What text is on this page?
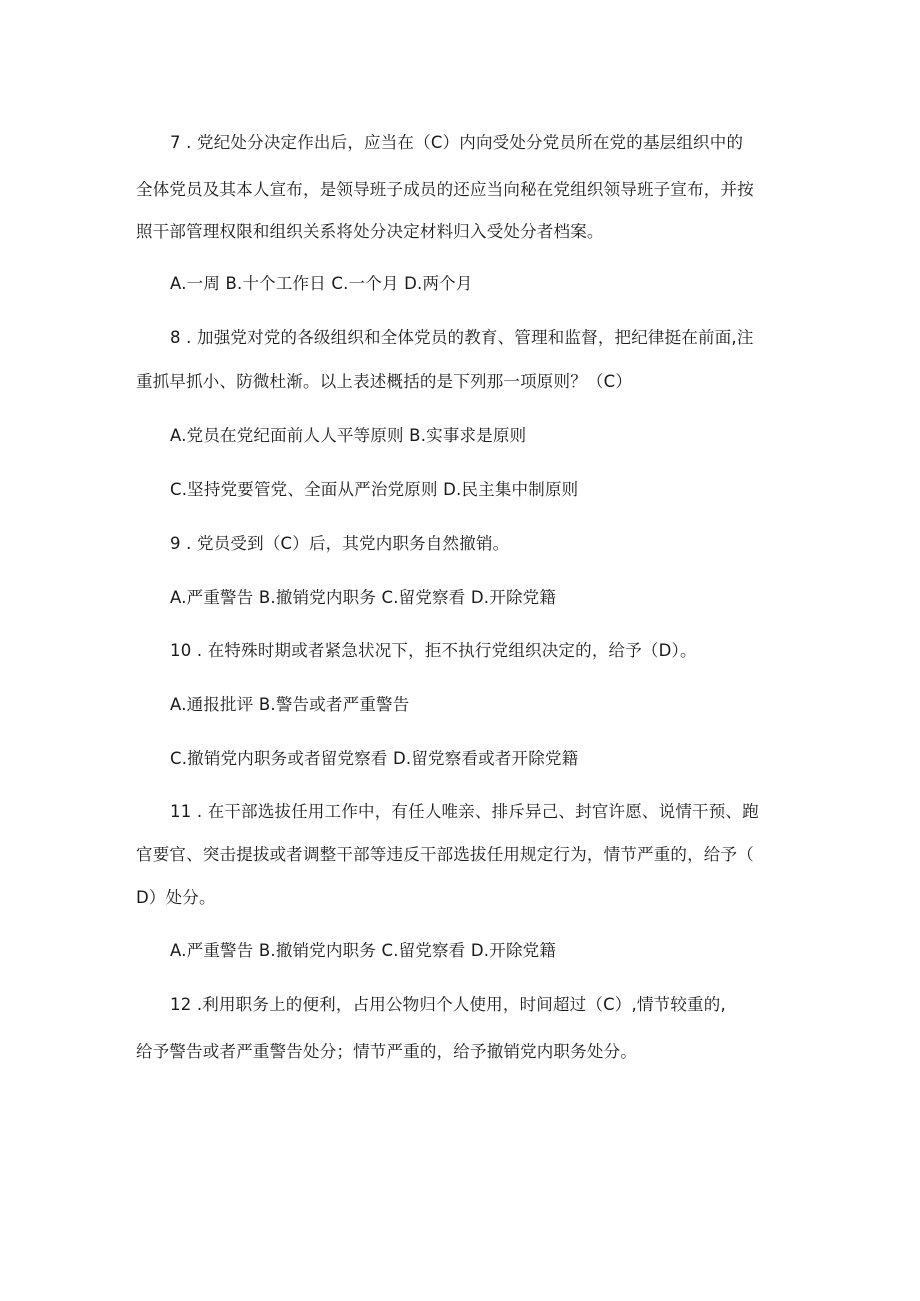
7 . 党纪处分决定作出后，应当在（C）内向受处分党员所在党的基层组织中的
全体党员及其本人宣布，是领导班子成员的还应当向秘在党组织领导班子宣布，并按
照干部管理权限和组织关系将处分决定材料归入受处分者档案。
A.一周 B.十个工作日 C.一个月 D.两个月
8 . 加强党对党的各级组织和全体党员的教育、管理和监督，把纪律挺在前面,注
重抓早抓小、防微杜渐。以上表述概括的是下列那一项原则？（C）
A.党员在党纪面前人人平等原则 B.实事求是原则
C.坚持党要管党、全面从严治党原则 D.民主集中制原则
9 . 党员受到（C）后，其党内职务自然撤销。
A.严重警告 B.撤销党内职务 C.留党察看 D.开除党籍
10 . 在特殊时期或者紧急状况下，拒不执行党组织决定的，给予（D）。
A.通报批评 B.警告或者严重警告
C.撤销党内职务或者留党察看 D.留党察看或者开除党籍
11 . 在干部选拔任用工作中，有任人唯亲、排斥异己、封官许愿、说情干预、跑
官要官、突击提拔或者调整干部等违反干部选拔任用规定行为，情节严重的，给予（
D）处分。
A.严重警告 B.撤销党内职务 C.留党察看 D.开除党籍
12 .利用职务上的便利，占用公物归个人使用，时间超过（C）,情节较重的,
给予警告或者严重警告处分；情节严重的，给予撤销党内职务处分。
